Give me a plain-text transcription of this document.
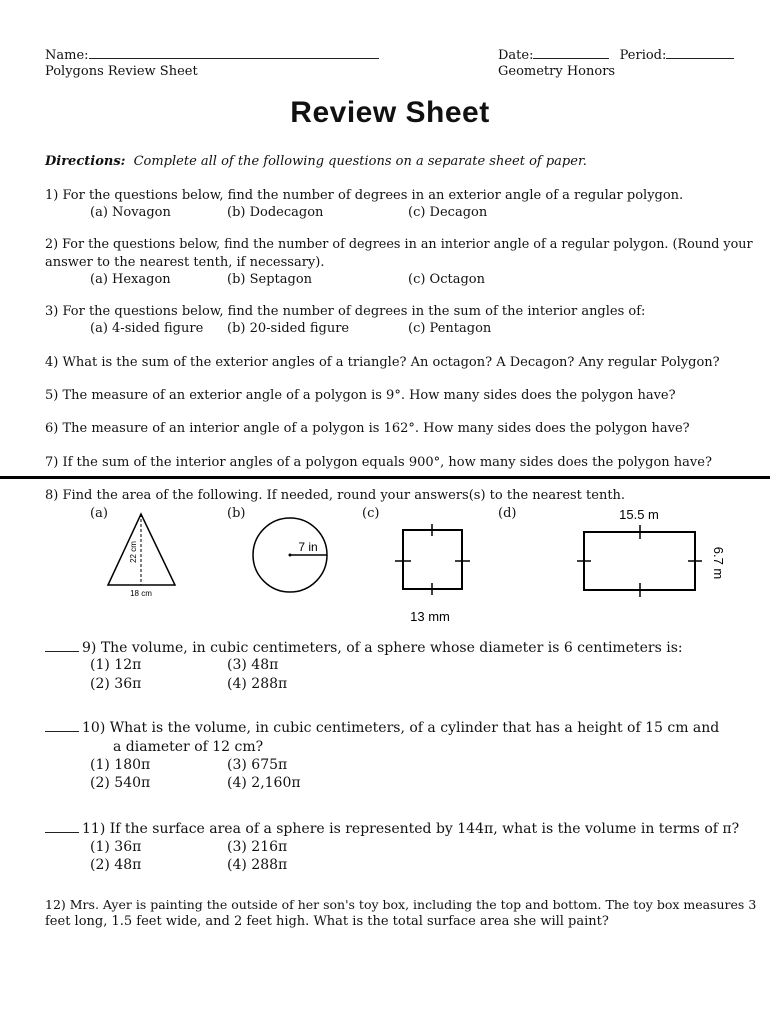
Name:
Polygons Review Sheet
Date:	Period:
Geometry Honors
Review Sheet
Directions: Complete all of the following questions on a separate sheet of paper.
1) For the questions below, find the number of degrees in an exterior angle of a regular polygon.
(a) Novagon	(b) Dodecagon	(c) Decagon
2) For the questions below, find the number of degrees in an interior angle of a regular polygon. (Round your
answer to the nearest tenth, if necessary).
(a) Hexagon	(b) Septagon	(c) Octagon
3) For the questions below, find the number of degrees in the sum of the interior angles of:
(a) 4-sided figure (b) 20-sided figure	(c) Pentagon
4) What is the sum of the exterior angles of a triangle? An octagon? A Decagon? Any regular Polygon?
5) The measure of an exterior angle of a polygon is 9°. How many sides does the polygon have?
6) The measure of an interior angle of a polygon is 162°. How many sides does the polygon have?
7) If the sum of the interior angles of a polygon equals 900°, how many sides does the polygon have?
8) Find the area of the following. If needed, round your answers(s) to the nearest tenth.
(a)	(b)	(c)	(d)
22 cm
18 cm
7 in
13 mm
15.5 m
6.7 m
9) The volume, in cubic centimeters, of a sphere whose diameter is 6 centimeters is:
(1) 12π	(3) 48π
(2) 36π	(4) 288π
10) What is the volume, in cubic centimeters, of a cylinder that has a height of 15 cm and
a diameter of 12 cm?
(1) 180π	(3) 675π
(2) 540π	(4) 2,160π
11) If the surface area of a sphere is represented by 144π, what is the volume in terms of π?
(1) 36π	(3) 216π
(2) 48π	(4) 288π
12) Mrs. Ayer is painting the outside of her son's toy box, including the top and bottom. The toy box measures 3
feet long, 1.5 feet wide, and 2 feet high. What is the total surface area she will paint?
